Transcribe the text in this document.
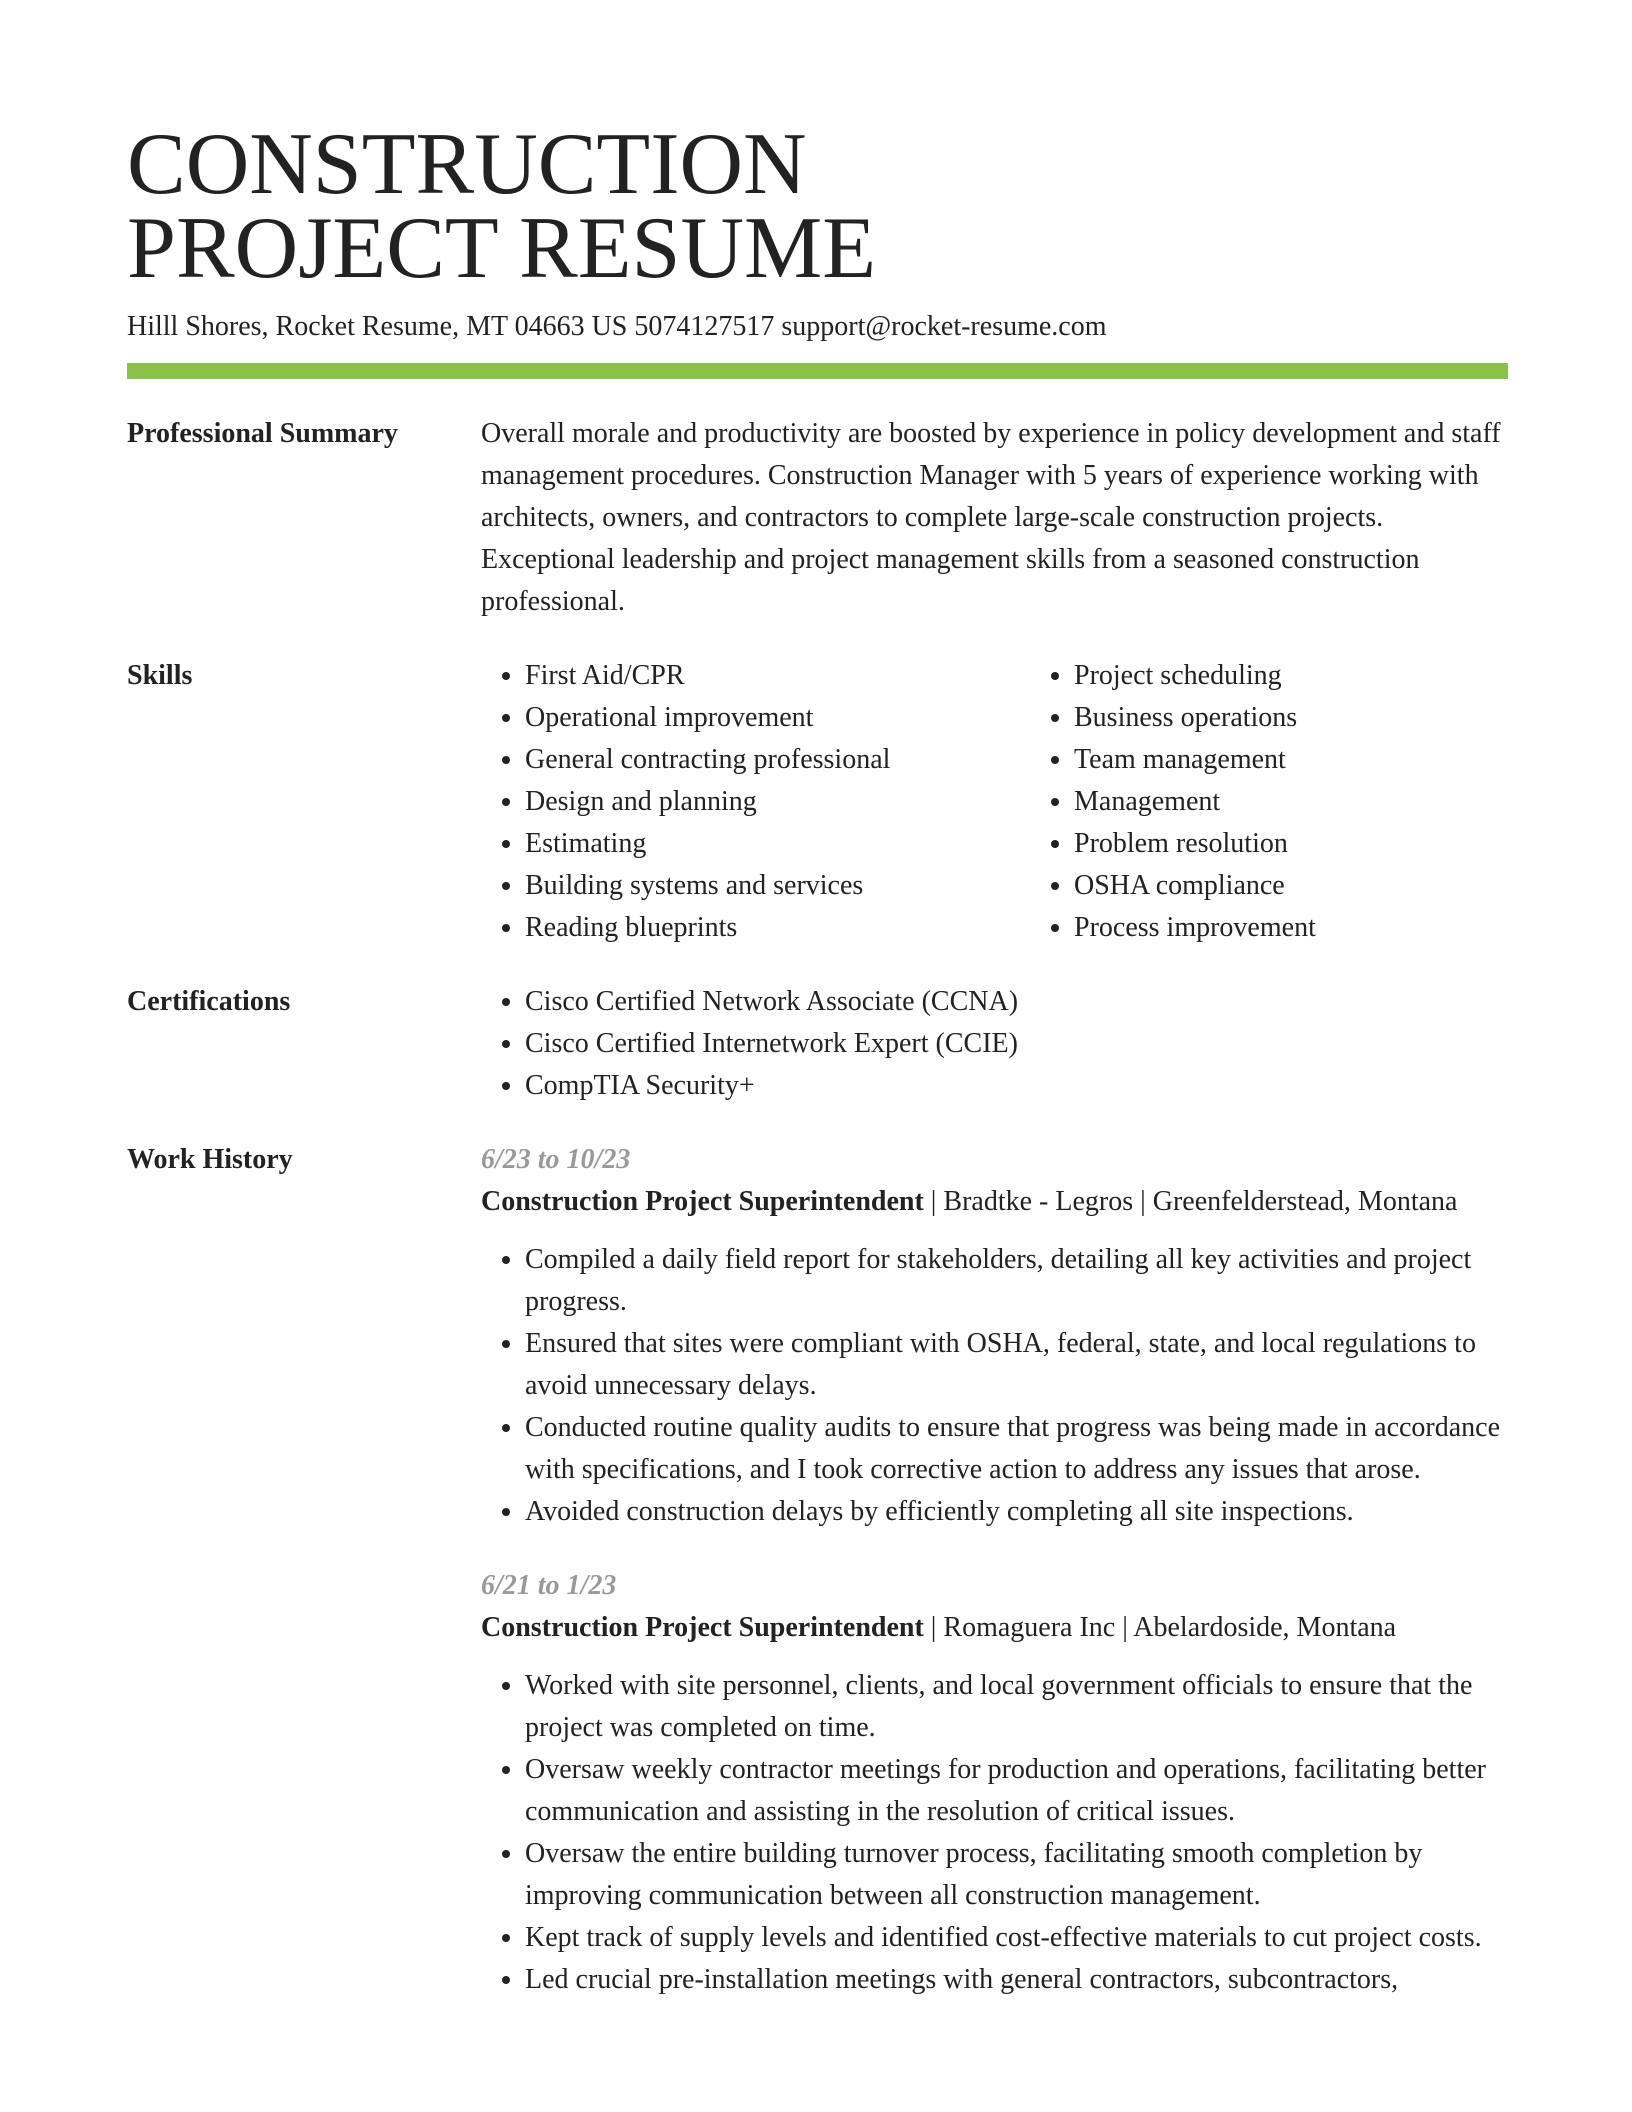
CONSTRUCTION
PROJECT RESUME
Hilll Shores, Rocket Resume, MT 04663 US 5074127517 support@rocket-resume.com
Professional Summary	Overall morale and productivity are boosted by experience in policy development and staff management procedures. Construction Manager with 5 years of experience working with architects, owners, and contractors to complete large-scale construction projects. Exceptional leadership and project management skills from a seasoned construction professional.

Skills	• First Aid/CPR
• Operational improvement
• General contracting professional
• Design and planning
• Estimating
• Building systems and services
• Reading blueprints
• Project scheduling
• Business operations
• Team management
• Management
• Problem resolution
• OSHA compliance
• Process improvement
Certifications	• Cisco Certified Network Associate (CCNA)
• Cisco Certified Internetwork Expert (CCIE)
• CompTIA Security+
Work History	6/23 to 10/23
Construction Project Superintendent | Bradtke - Legros | Greenfelderstead, Montana
• Compiled a daily field report for stakeholders, detailing all key activities and project progress.
• Ensured that sites were compliant with OSHA, federal, state, and local regulations to avoid unnecessary delays.
• Conducted routine quality audits to ensure that progress was being made in accordance with specifications, and I took corrective action to address any issues that arose.
• Avoided construction delays by efficiently completing all site inspections.
6/21 to 1/23
Construction Project Superintendent | Romaguera Inc | Abelardoside, Montana
• Worked with site personnel, clients, and local government officials to ensure that the project was completed on time.
• Oversaw weekly contractor meetings for production and operations, facilitating better communication and assisting in the resolution of critical issues.
• Oversaw the entire building turnover process, facilitating smooth completion by improving communication between all construction management.
• Kept track of supply levels and identified cost-effective materials to cut project costs.
• Led crucial pre-installation meetings with general contractors, subcontractors,
